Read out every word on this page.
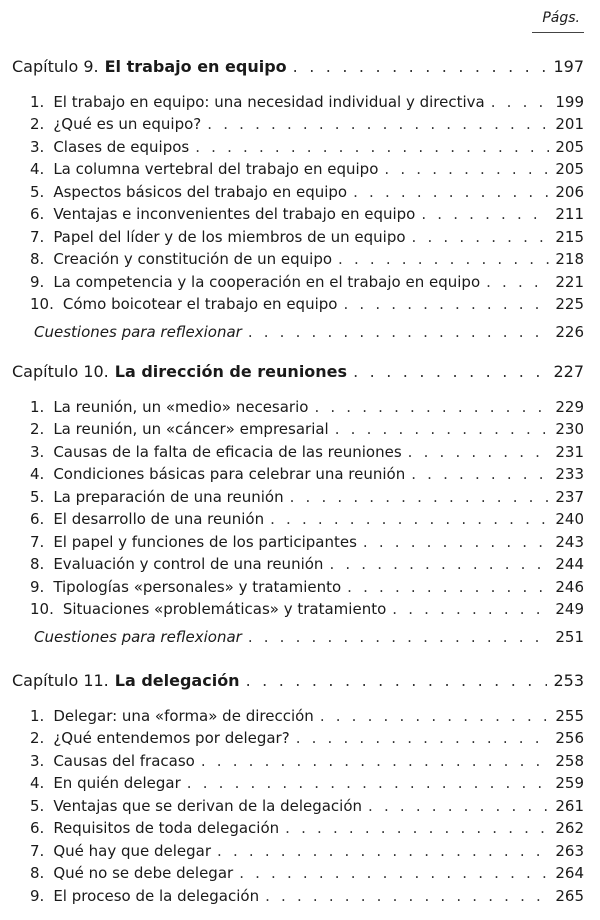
Págs.
Capítulo 9. El trabajo en equipo . . .	197
1. El trabajo en equipo: una necesidad individual y directiva . . .	199
2. ¿Qué es un equipo? . . .	201
3. Clases de equipos . . .	205
4. La columna vertebral del trabajo en equipo . . .	205
5. Aspectos básicos del trabajo en equipo . . .	206
6. Ventajas e inconvenientes del trabajo en equipo . . .	211
7. Papel del líder y de los miembros de un equipo . . .	215
8. Creación y constitución de un equipo . . .	218
9. La competencia y la cooperación en el trabajo en equipo . . .	221
10. Cómo boicotear el trabajo en equipo . . .	225
Cuestiones para reflexionar . . .	226
Capítulo 10. La dirección de reuniones . . .	227
1. La reunión, un «medio» necesario . . .	229
2. La reunión, un «cáncer» empresarial . . .	230
3. Causas de la falta de eficacia de las reuniones . . .	231
4. Condiciones básicas para celebrar una reunión . . .	233
5. La preparación de una reunión . . .	237
6. El desarrollo de una reunión . . .	240
7. El papel y funciones de los participantes . . .	243
8. Evaluación y control de una reunión . . .	244
9. Tipologías «personales» y tratamiento . . .	246
10. Situaciones «problemáticas» y tratamiento . . .	249
Cuestiones para reflexionar . . .	251
Capítulo 11. La delegación . . .	253
1. Delegar: una «forma» de dirección . . .	255
2. ¿Qué entendemos por delegar? . . .	256
3. Causas del fracaso . . .	258
4. En quién delegar . . .	259
5. Ventajas que se derivan de la delegación . . .	261
6. Requisitos de toda delegación . . .	262
7. Qué hay que delegar . . .	263
8. Qué no se debe delegar . . .	264
9. El proceso de la delegación . . .	265
